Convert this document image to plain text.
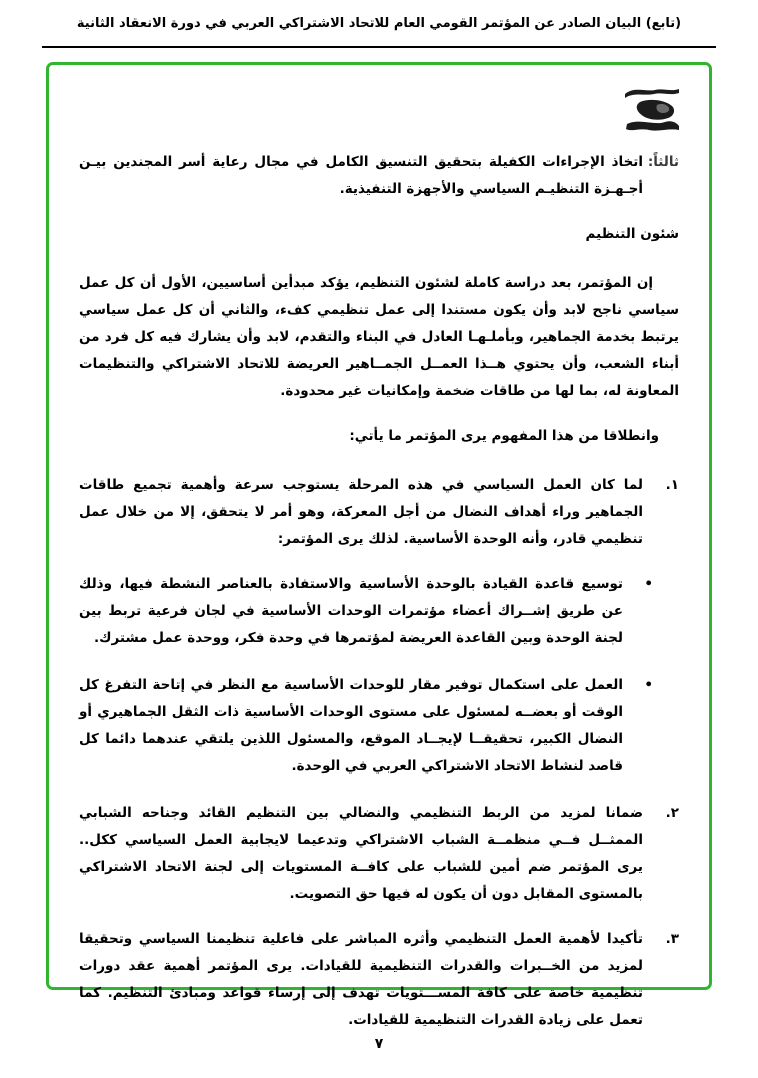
(تابع) البيان الصادر عن المؤتمر القومي العام للاتحاد الاشتراكي العربي في دورة الانعقاد الثانية
ثالثاً:
اتخاذ الإجراءات الكفيلة بتحقيق التنسيق الكامل في مجال رعاية أسر المجندين بيـن أجـهـزة التنظيـم السياسي والأجهزة التنفيذية.
شئون التنظيم

إن المؤتمر، بعد دراسة كاملة لشئون التنظيم، يؤكد مبدأين أساسيين، الأول أن كل عمل سياسي ناجح لابد وأن يكون مستندا إلى عمل تنظيمي كفء، والثاني أن كل عمل سياسي يرتبط بخدمة الجماهير، وبأملـهـا العادل في البناء والتقدم، لابد وأن يشارك فيه كل فرد من أبناء الشعب، وأن يحتوي هــذا العمــل الجمــاهير العريضة للاتحاد الاشتراكي والتنظيمات المعاونة له، بما لها من طاقات ضخمة وإمكانيات غير محدودة.

وانطلاقا من هذا المفهوم يرى المؤتمر ما يأتي:

١.
لما كان العمل السياسي في هذه المرحلة يستوجب سرعة وأهمية تجميع طاقات الجماهير وراء أهداف النضال من أجل المعركة، وهو أمر لا يتحقق، إلا من خلال عمل تنظيمي قادر، وأنه الوحدة الأساسية. لذلك يرى المؤتمر:
•
توسيع قاعدة القيادة بالوحدة الأساسية والاستفادة بالعناصر النشطة فيها، وذلك عن طريق إشــراك أعضاء مؤتمرات الوحدات الأساسية في لجان فرعية تربط بين لجنة الوحدة وبين القاعدة العريضة لمؤتمرها في وحدة فكر، ووحدة عمل مشترك.
•
العمل على استكمال توفير مقار للوحدات الأساسية مع النظر في إتاحة التفرغ كل الوقت أو بعضــه لمسئول على مستوى الوحدات الأساسية ذات الثقل الجماهيري أو النضال الكبير، تحقيقــا لإيجــاد الموقع، والمسئول اللذين يلتقي عندهما دائما كل قاصد لنشاط الاتحاد الاشتراكي العربي في الوحدة.
٢.
ضمانا لمزيد من الربط التنظيمي والنضالي بين التنظيم القائد وجناحه الشبابي الممثــل فــي منظمــة الشباب الاشتراكي وتدعيما لايجابية العمل السياسي ككل.. يرى المؤتمر ضم أمين للشباب على كافــة المستويات إلى لجنة الاتحاد الاشتراكي بالمستوى المقابل دون أن يكون له فيها حق التصويت.
٣.
تأكيدا لأهمية العمل التنظيمي وأثره المباشر على فاعلية تنظيمنا السياسي وتحقيقا لمزيد من الخــبرات والقدرات التنظيمية للقيادات. يرى المؤتمر أهمية عقد دورات تنظيمية خاصة على كافة المســـتويات تهدف إلى إرساء قواعد ومبادئ التنظيم. كما تعمل على زيادة القدرات التنظيمية للقيادات.
٧
